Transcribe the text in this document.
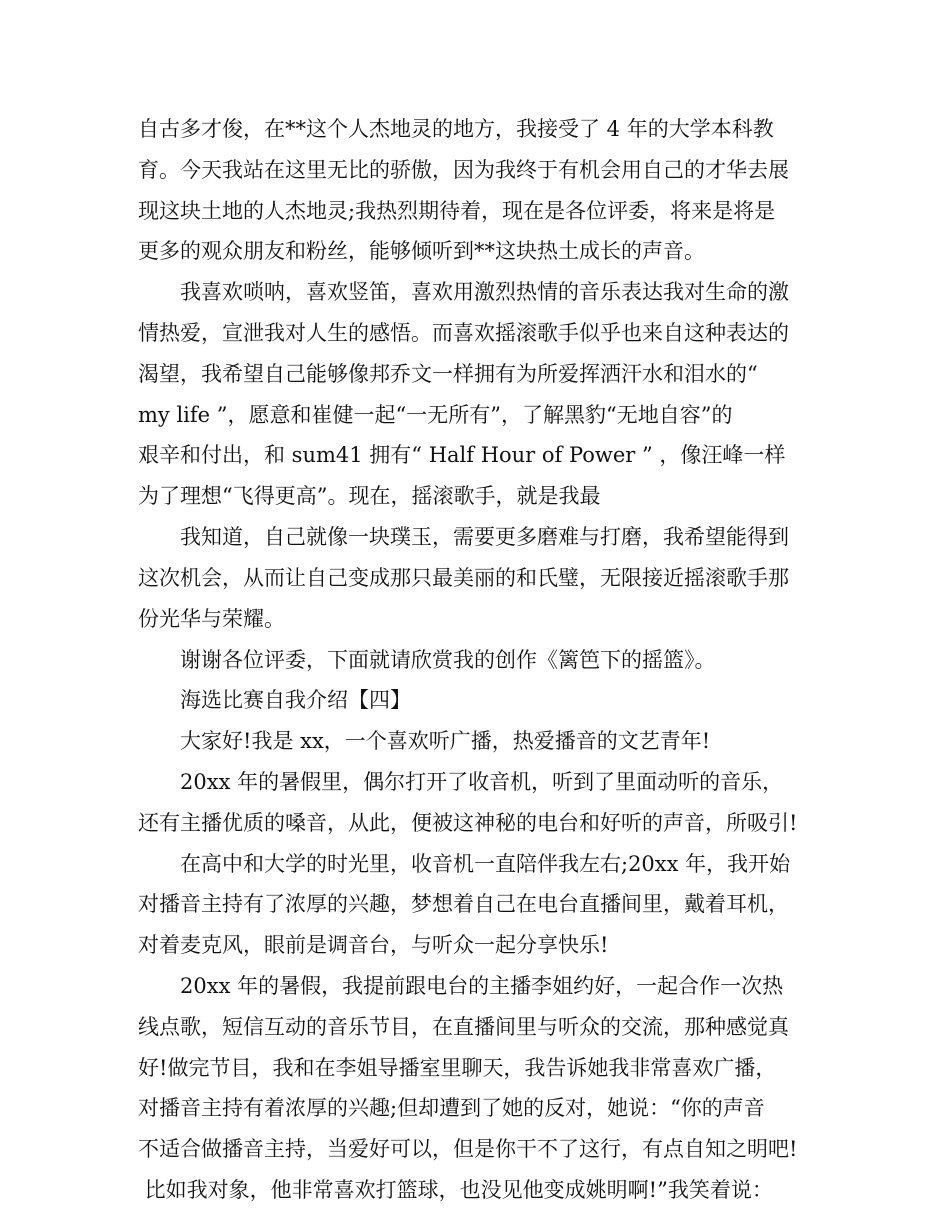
自古多才俊，在**这个人杰地灵的地方，我接受了 4 年的大学本科教
育。今天我站在这里无比的骄傲，因为我终于有机会用自己的才华去展
现这块土地的人杰地灵;我热烈期待着，现在是各位评委，将来是将是
更多的观众朋友和粉丝，能够倾听到**这块热土成长的声音。
我喜欢唢呐，喜欢竖笛，喜欢用激烈热情的音乐表达我对生命的激
情热爱，宣泄我对人生的感悟。而喜欢摇滚歌手似乎也来自这种表达的
渴望，我希望自己能够像邦乔文一样拥有为所爱挥洒汗水和泪水的“
my life ”，愿意和崔健一起“一无所有”，了解黑豹“无地自容”的
艰辛和付出，和 sum41 拥有“ Half Hour of Power ” ，像汪峰一样
为了理想“飞得更高”。现在，摇滚歌手，就是我最
我知道，自己就像一块璞玉，需要更多磨难与打磨，我希望能得到
这次机会，从而让自己变成那只最美丽的和氏璧，无限接近摇滚歌手那
份光华与荣耀。
谢谢各位评委，下面就请欣赏我的创作《篱笆下的摇篮》。
海选比赛自我介绍【四】
大家好!我是 xx，一个喜欢听广播，热爱播音的文艺青年!
20xx 年的暑假里，偶尔打开了收音机，听到了里面动听的音乐，
还有主播优质的嗓音，从此，便被这神秘的电台和好听的声音，所吸引!
在高中和大学的时光里，收音机一直陪伴我左右;20xx 年，我开始
对播音主持有了浓厚的兴趣，梦想着自己在电台直播间里，戴着耳机，
对着麦克风，眼前是调音台，与听众一起分享快乐!
20xx 年的暑假，我提前跟电台的主播李姐约好，一起合作一次热
线点歌，短信互动的音乐节目，在直播间里与听众的交流，那种感觉真
好!做完节目，我和在李姐导播室里聊天，我告诉她我非常喜欢广播，
对播音主持有着浓厚的兴趣;但却遭到了她的反对，她说：“你的声音
不适合做播音主持，当爱好可以，但是你干不了这行，有点自知之明吧!
比如我对象，他非常喜欢打篮球，也没见他变成姚明啊!”我笑着说：
